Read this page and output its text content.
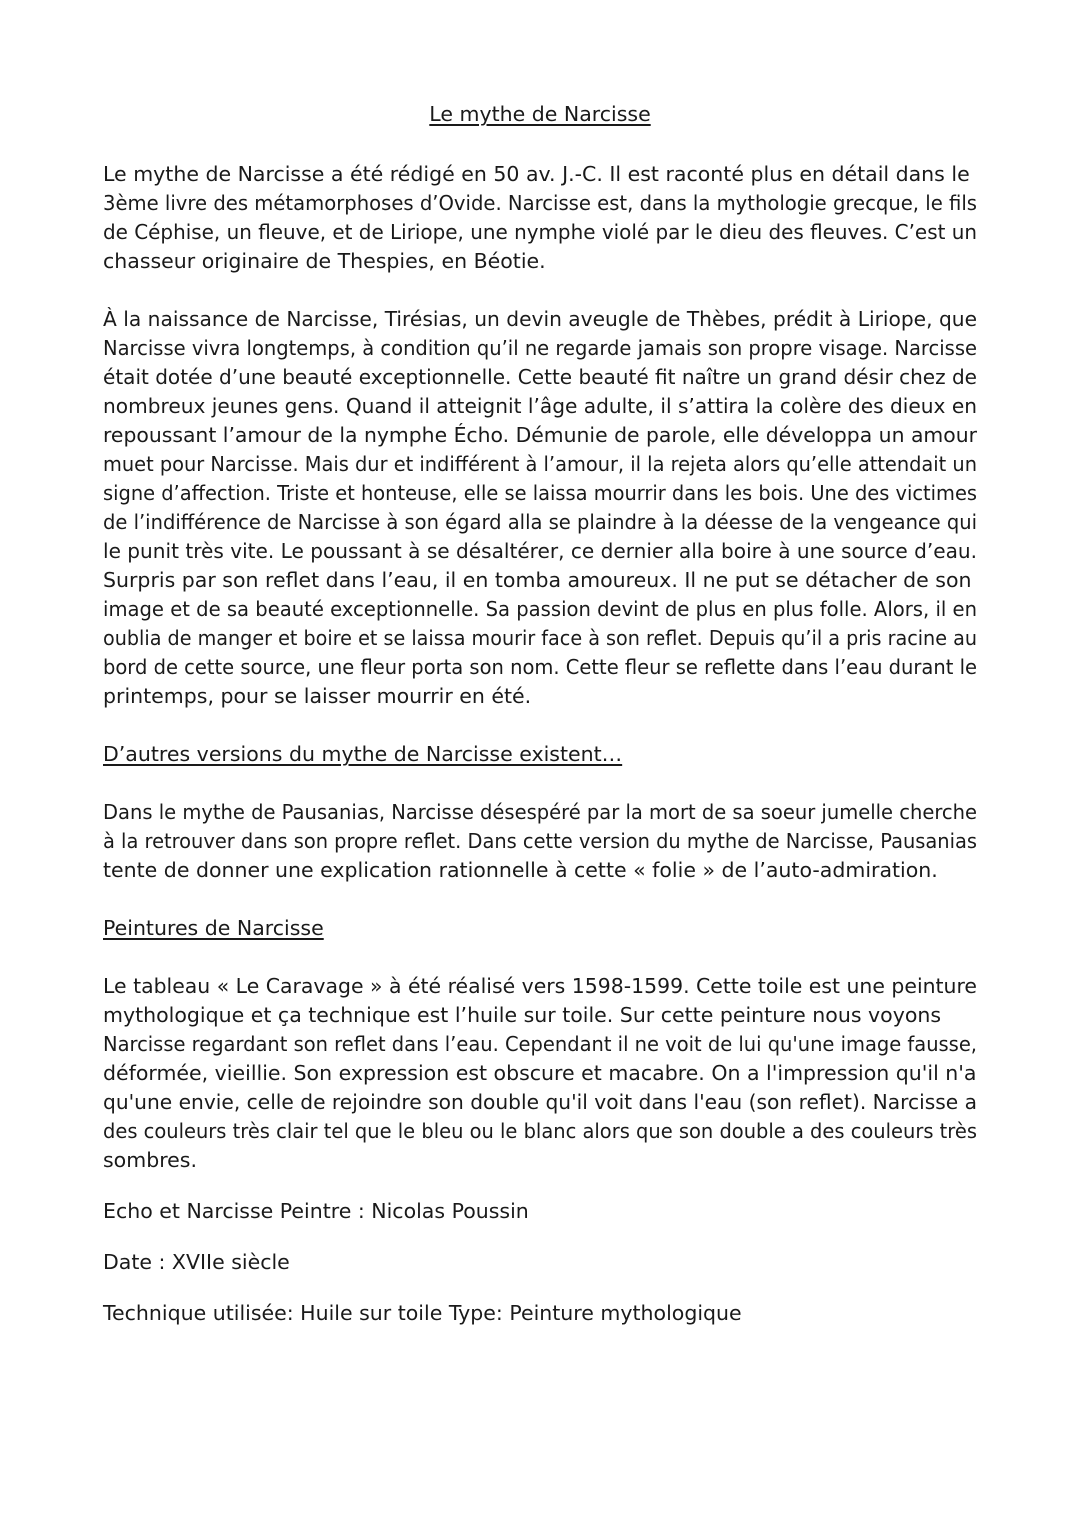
Le mythe de Narcisse

Le mythe de Narcisse a été rédigé en 50 av. J.-C. Il est raconté plus en détail dans le
3ème livre des métamorphoses d’Ovide. Narcisse est, dans la mythologie grecque, le fils
de Céphise, un fleuve, et de Liriope, une nymphe violé par le dieu des fleuves. C’est un
chasseur originaire de Thespies, en Béotie.

À la naissance de Narcisse, Tirésias, un devin aveugle de Thèbes, prédit à Liriope, que
Narcisse vivra longtemps, à condition qu’il ne regarde jamais son propre visage. Narcisse
était dotée d’une beauté exceptionnelle. Cette beauté fit naître un grand désir chez de
nombreux jeunes gens. Quand il atteignit l’âge adulte, il s’attira la colère des dieux en
repoussant l’amour de la nymphe Écho. Démunie de parole, elle développa un amour
muet pour Narcisse. Mais dur et indifférent à l’amour, il la rejeta alors qu’elle attendait un
signe d’affection. Triste et honteuse, elle se laissa mourrir dans les bois. Une des victimes
de l’indifférence de Narcisse à son égard alla se plaindre à la déesse de la vengeance qui
le punit très vite. Le poussant à se désaltérer, ce dernier alla boire à une source d’eau.
Surpris par son reflet dans l’eau, il en tomba amoureux. Il ne put se détacher de son
image et de sa beauté exceptionnelle. Sa passion devint de plus en plus folle. Alors, il en
oublia de manger et boire et se laissa mourir face à son reflet. Depuis qu’il a pris racine au
bord de cette source, une fleur porta son nom. Cette fleur se reflette dans l’eau durant le
printemps, pour se laisser mourrir en été.

D’autres versions du mythe de Narcisse existent…

Dans le mythe de Pausanias, Narcisse désespéré par la mort de sa soeur jumelle cherche
à la retrouver dans son propre reflet. Dans cette version du mythe de Narcisse, Pausanias
tente de donner une explication rationnelle à cette « folie » de l’auto-admiration.

Peintures de Narcisse

Le tableau « Le Caravage » à été réalisé vers 1598-1599. Cette toile est une peinture
mythologique et ça technique est l’huile sur toile. Sur cette peinture nous voyons
Narcisse regardant son reflet dans l’eau. Cependant il ne voit de lui qu'une image fausse,
déformée, vieillie. Son expression est obscure et macabre. On a l'impression qu'il n'a
qu'une envie, celle de rejoindre son double qu'il voit dans l'eau (son reflet). Narcisse a
des couleurs très clair tel que le bleu ou le blanc alors que son double a des couleurs très
sombres.

Echo et Narcisse Peintre : Nicolas Poussin

Date : XVIIe siècle

Technique utilisée: Huile sur toile Type: Peinture mythologique
